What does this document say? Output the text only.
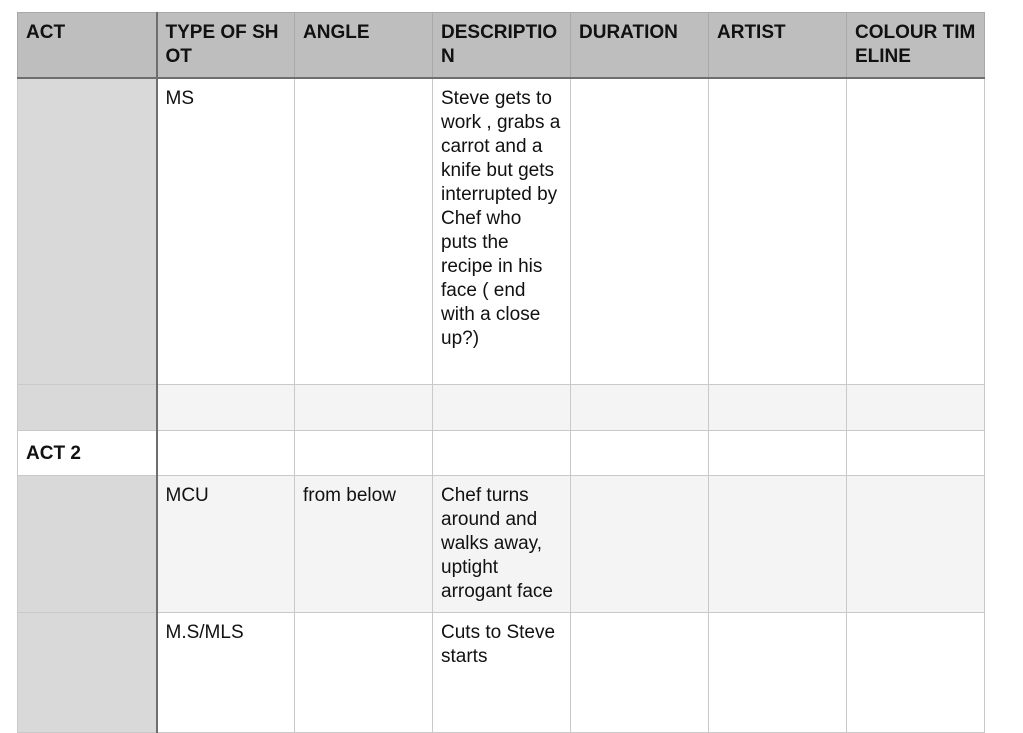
ACT	TYPE OF SHOT	ANGLE	DESCRIPTION	DURATION	ARTIST	COLOUR TIMELINE
	MS		Steve gets to work , grabs a carrot and a knife but gets interrupted by Chef who puts the recipe in his face ( end with a close up?)			

ACT 2						
	MCU	from below	Chef turns around and walks away, uptight arrogant face			
	M.S/MLS		Cuts to Steve starts			
